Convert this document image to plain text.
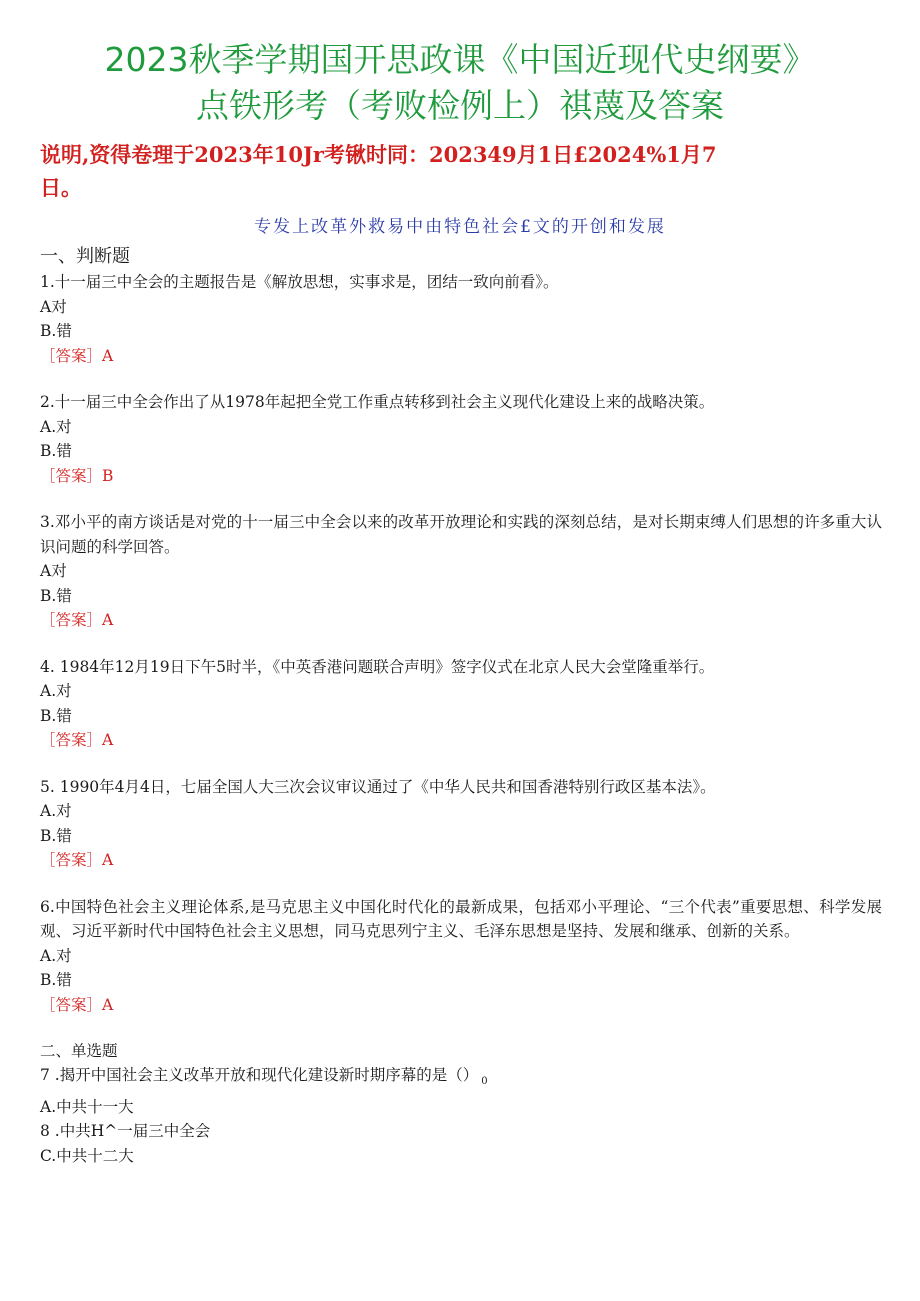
2023秋季学期国开思政课《中国近现代史纲要》
点铁形考（考败检例上）祺蔑及答案
说明,资得卷理于2023年10Jr考锹时同：202349月1日£2024%1月7日。
专发上改革外救易中由特色社会£文的开创和发展
一、判断题

1.十一届三中全会的主题报告是《解放思想，实事求是，团结一致向前看》。

A对

B.错

［答案］A

2.十一届三中全会作出了从1978年起把全党工作重点转移到社会主义现代化建设上来的战略决策。

A.对

B.错

［答案］B

3.邓小平的南方谈话是对党的十一届三中全会以来的改革开放理论和实践的深刻总结，是对长期束缚人们思想的许多重大认识问题的科学回答。

A对

B.错

［答案］A

4. 1984年12月19日下午5时半，《中英香港问题联合声明》签字仪式在北京人民大会堂隆重举行。

A.对

B.错

［答案］A

5. 1990年4月4日，七届全国人大三次会议审议通过了《中华人民共和国香港特别行政区基本法》。

A.对

B.错

［答案］A

6.中国特色社会主义理论体系,是马克思主义中国化时代化的最新成果，包括邓小平理论、“三个代表”重要思想、科学发展观、习近平新时代中国特色社会主义思想，同马克思列宁主义、毛泽东思想是坚持、发展和继承、创新的关系。

A.对

B.错

［答案］A

二、单选题

7 .揭开中国社会主义改革开放和现代化建设新时期序幕的是（） $_0$

A.中共十一大

8 .中共H^一届三中全会

C.中共十二大
